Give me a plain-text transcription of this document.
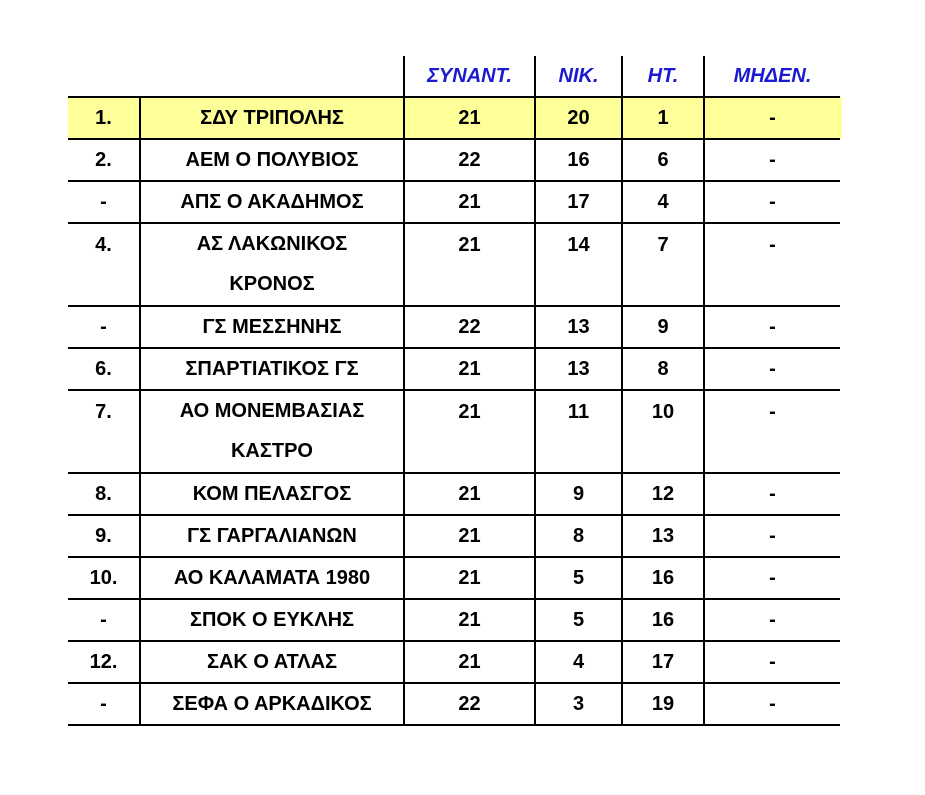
		ΣΥΝΑΝΤ.	ΝΙΚ.	ΗΤ.	ΜΗΔΕΝ.
1.	ΣΔΥ ΤΡΙΠΟΛΗΣ	21	20	1	-
2.	ΑΕΜ Ο ΠΟΛΥΒΙΟΣ	22	16	6	-
-	ΑΠΣ Ο ΑΚΑΔΗΜΟΣ	21	17	4	-

4.	ΑΣ ΛΑΚΩΝΙΚΟΣ ΚΡΟΝΟΣ	21	14	7	-

-	ΓΣ ΜΕΣΣΗΝΗΣ	22	13	9	-
6.	ΣΠΑΡΤΙΑΤΙΚΟΣ ΓΣ	21	13	8	-

7.	ΑΟ ΜΟΝΕΜΒΑΣΙΑΣ ΚΑΣΤΡΟ	21	11	10	-

8.	ΚΟΜ ΠΕΛΑΣΓΟΣ	21	9	12	-
9.	ΓΣ ΓΑΡΓΑΛΙΑΝΩΝ	21	8	13	-
10.	ΑΟ ΚΑΛΑΜΑΤΑ 1980	21	5	16	-
-	ΣΠΟΚ Ο ΕΥΚΛΗΣ	21	5	16	-
12.	ΣΑΚ Ο ΑΤΛΑΣ	21	4	17	-
-	ΣΕΦΑ Ο ΑΡΚΑΔΙΚΟΣ	22	3	19	-
